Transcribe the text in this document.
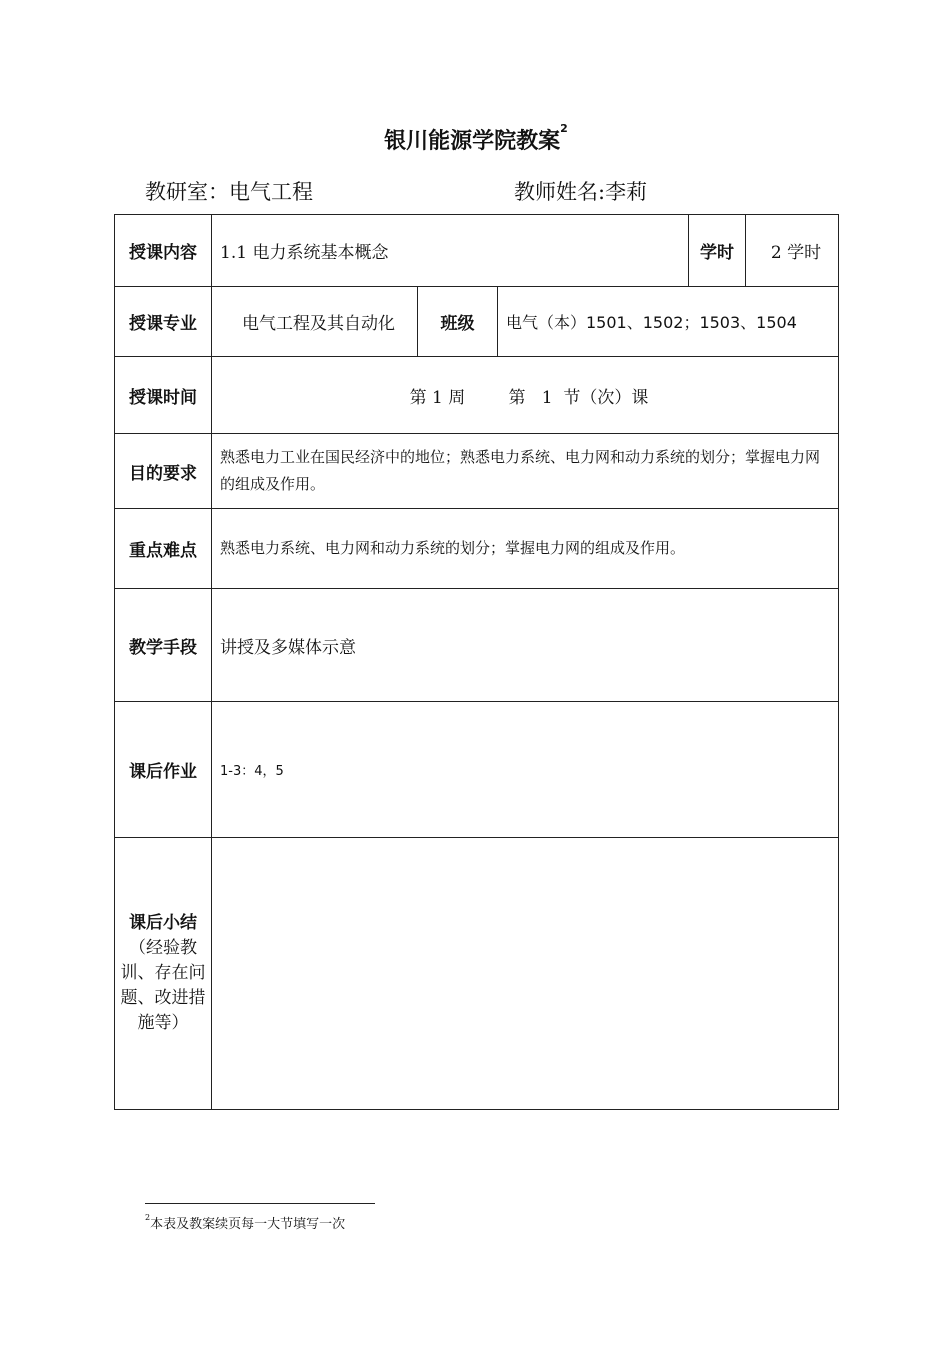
银川能源学院教案$^2$
教研室：电气工程	教师姓名:李莉
授课内容	1.1 电力系统基本概念			学时	2 学时
授课专业	电气工程及其自动化	班级	电气（本）1501、1502；1503、1504		
授课时间	第 1 周        第   1  节（次）课				
目的要求	熟悉电力工业在国民经济中的地位；熟悉电力系统、电力网和动力系统的划分；掌握电力网的组成及作用。				
重点难点	熟悉电力系统、电力网和动力系统的划分；掌握电力网的组成及作用。				
教学手段	讲授及多媒体示意				
课后作业	1-3：4，5				

课后小结
（经验教训、存在问题、改进措施等）					

$^2$本表及教案续页每一大节填写一次
